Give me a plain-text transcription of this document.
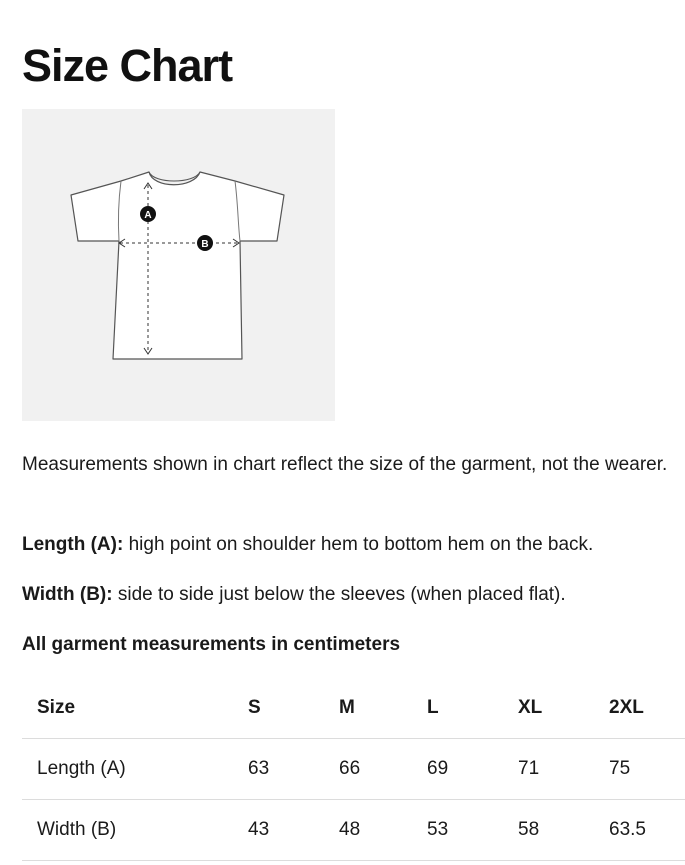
Size Chart
A
B

Measurements shown in chart reflect the size of the garment, not the wearer.

Length (A): high point on shoulder hem to bottom hem on the back.

Width (B): side to side just below the sleeves (when placed flat).

All garment measurements in centimeters

Size	S	M	L	XL	2XL
Length (A)	63	66	69	71	75
Width (B)	43	48	53	58	63.5
